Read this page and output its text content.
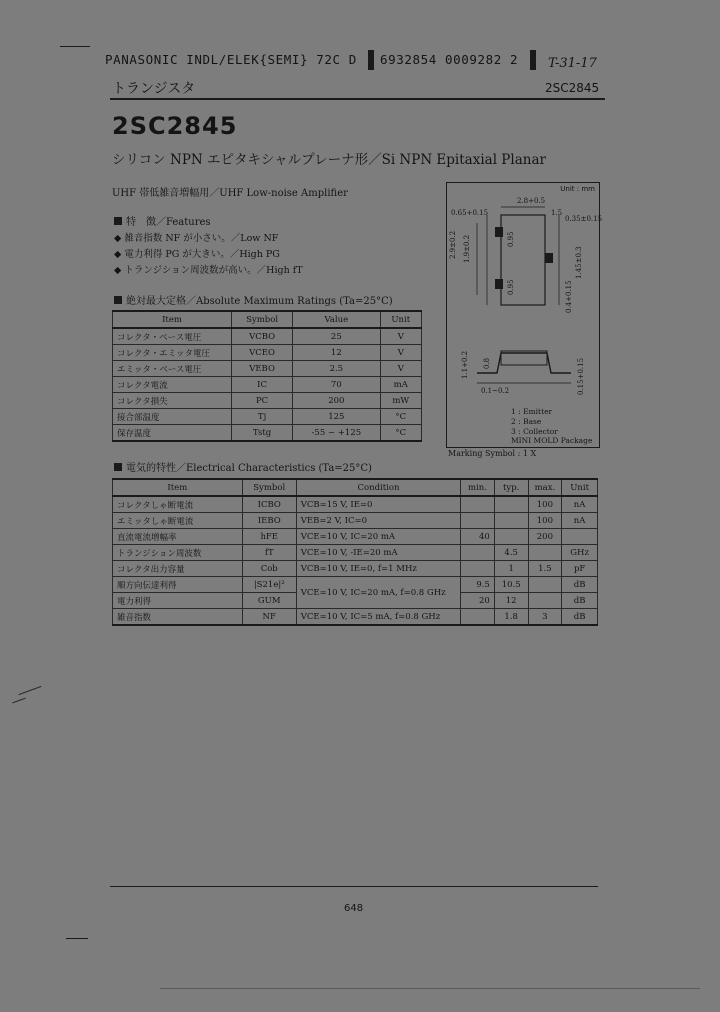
PANASONIC INDL/ELEK{SEMI} 72C D 6932854 0009282 2 T-31-17
トランジスタ	2SC2845
2SC2845
シリコン NPN エピタキシャルプレーナ形／Si NPN Epitaxial Planar
UHF 帯低雑音増幅用／UHF Low-noise Amplifier
特　徴／Features
◆ 雑音指数 NF が小さい。／Low NF
◆ 電力利得 PG が大きい。／High PG
◆ トランジション周波数が高い。／High fT
絶対最大定格／Absolute Maximum Ratings (Ta=25°C)
Item	Symbol	Value	Unit
コレクタ・ベース電圧	VCBO	25	V
コレクタ・エミッタ電圧	VCEO	12	V
エミッタ・ベース電圧	VEBO	2.5	V
コレクタ電流	IC	70	mA
コレクタ損失	PC	200	mW
接合部温度	Tj	125	°C
保存温度	Tstg	-55 ~ +125	°C
Unit : mm
0.65+0.15
2.8+0.5
1.5
0.35±0.15
2.9±0.2 1.9±0.2	0.95
0.95
1.45±0.3
0.4+0.15
1.1+0.2 0.8
0.1~0.2	0.15+0.15
1 : Emitter
2 : Base
3 : Collector
MINI MOLD Package
Marking Symbol : 1 X
電気的特性／Electrical Characteristics (Ta=25°C)
Item	Symbol	Condition	min.	typ.	max.	Unit
コレクタしゃ断電流	ICBO	VCB=15 V, IE=0			100	nA
エミッタしゃ断電流	IEBO	VEB=2 V, IC=0			100	nA
直流電流増幅率	hFE	VCE=10 V, IC=20 mA	40		200	
トランジション周波数	fT	VCE=10 V, -IE=20 mA		4.5		GHz
コレクタ出力容量	Cob	VCB=10 V, IE=0, f=1 MHz		1	1.5	pF
順方向伝達利得	|S21e|²	VCE=10 V, IC=20 mA, f=0.8 GHz	9.5	10.5		dB
電力利得	GUM		20	12		dB
雑音指数	NF	VCE=10 V, IC=5 mA, f=0.8 GHz		1.8	3	dB
648
